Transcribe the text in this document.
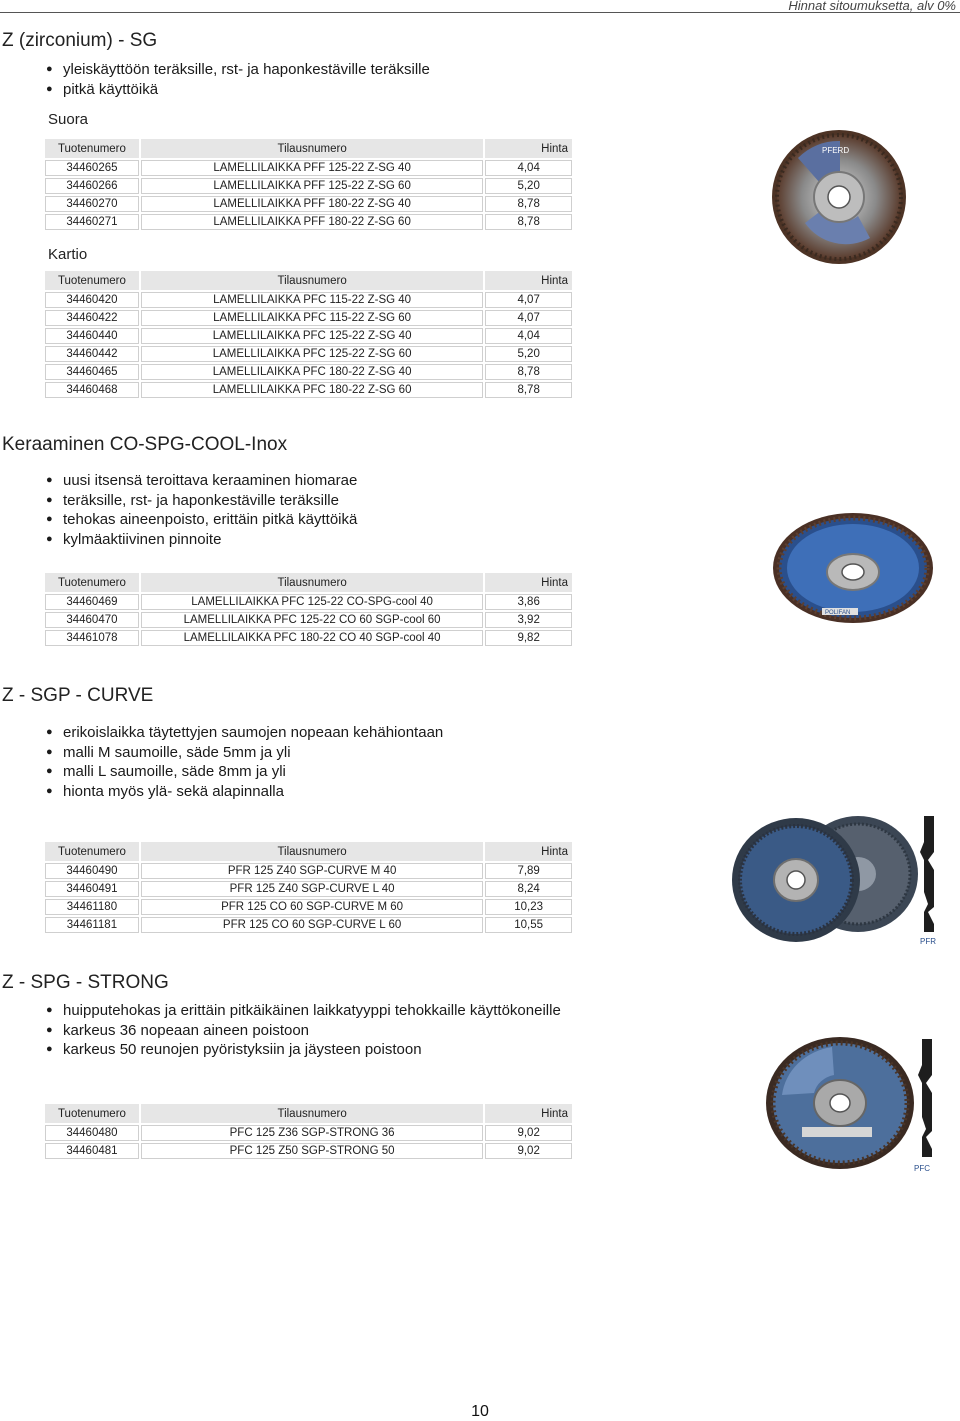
Hinnat sitoumuksetta, alv 0%
Z (zirconium) - SG
● yleiskäyttöön teräksille, rst- ja haponkestäville teräksille
● pitkä käyttöikä
Suora
Tuotenumero	Tilausnumero	Hinta
34460265	LAMELLILAIKKA PFF 125-22 Z-SG 40	4,04
34460266	LAMELLILAIKKA PFF 125-22 Z-SG 60	5,20
34460270	LAMELLILAIKKA PFF 180-22 Z-SG 40	8,78
34460271	LAMELLILAIKKA PFF 180-22 Z-SG 60	8,78
Kartio
Tuotenumero	Tilausnumero	Hinta
34460420	LAMELLILAIKKA PFC 115-22 Z-SG 40	4,07
34460422	LAMELLILAIKKA PFC 115-22 Z-SG 60	4,07
34460440	LAMELLILAIKKA PFC 125-22 Z-SG 40	4,04
34460442	LAMELLILAIKKA PFC 125-22 Z-SG 60	5,20
34460465	LAMELLILAIKKA PFC 180-22 Z-SG 40	8,78
34460468	LAMELLILAIKKA PFC 180-22 Z-SG 60	8,78
PFERD
Keraaminen CO-SPG-COOL-Inox
● uusi itsensä teroittava keraaminen hiomarae
● teräksille, rst- ja haponkestäville teräksille
● tehokas aineenpoisto, erittäin pitkä käyttöikä
● kylmäaktiivinen pinnoite
Tuotenumero	Tilausnumero	Hinta
34460469	LAMELLILAIKKA PFC 125-22 CO-SPG-cool 40	3,86
34460470	LAMELLILAIKKA PFC 125-22 CO 60 SGP-cool 60	3,92
34461078	LAMELLILAIKKA PFC 180-22 CO 40 SGP-cool 40	9,82
POLIFAN
Z - SGP - CURVE
● erikoislaikka täytettyjen saumojen nopeaan kehähiontaan
● malli M saumoille, säde 5mm ja yli
● malli L saumoille, säde 8mm ja yli
● hionta myös ylä- sekä alapinnalla
Tuotenumero	Tilausnumero	Hinta
34460490	PFR 125 Z40 SGP-CURVE M 40	7,89
34460491	PFR 125 Z40 SGP-CURVE L 40	8,24
34461180	PFR 125 CO 60 SGP-CURVE M 60	10,23
34461181	PFR 125 CO 60 SGP-CURVE L 60	10,55
PFR
Z - SPG - STRONG
● huipputehokas ja erittäin pitkäikäinen laikkatyyppi tehokkaille käyttökoneille
● karkeus 36 nopeaan aineen poistoon
● karkeus 50 reunojen pyöristyksiin ja jäysteen poistoon
Tuotenumero	Tilausnumero	Hinta
34460480	PFC 125 Z36 SGP-STRONG 36	9,02
34460481	PFC 125 Z50 SGP-STRONG 50	9,02
PFC
10
